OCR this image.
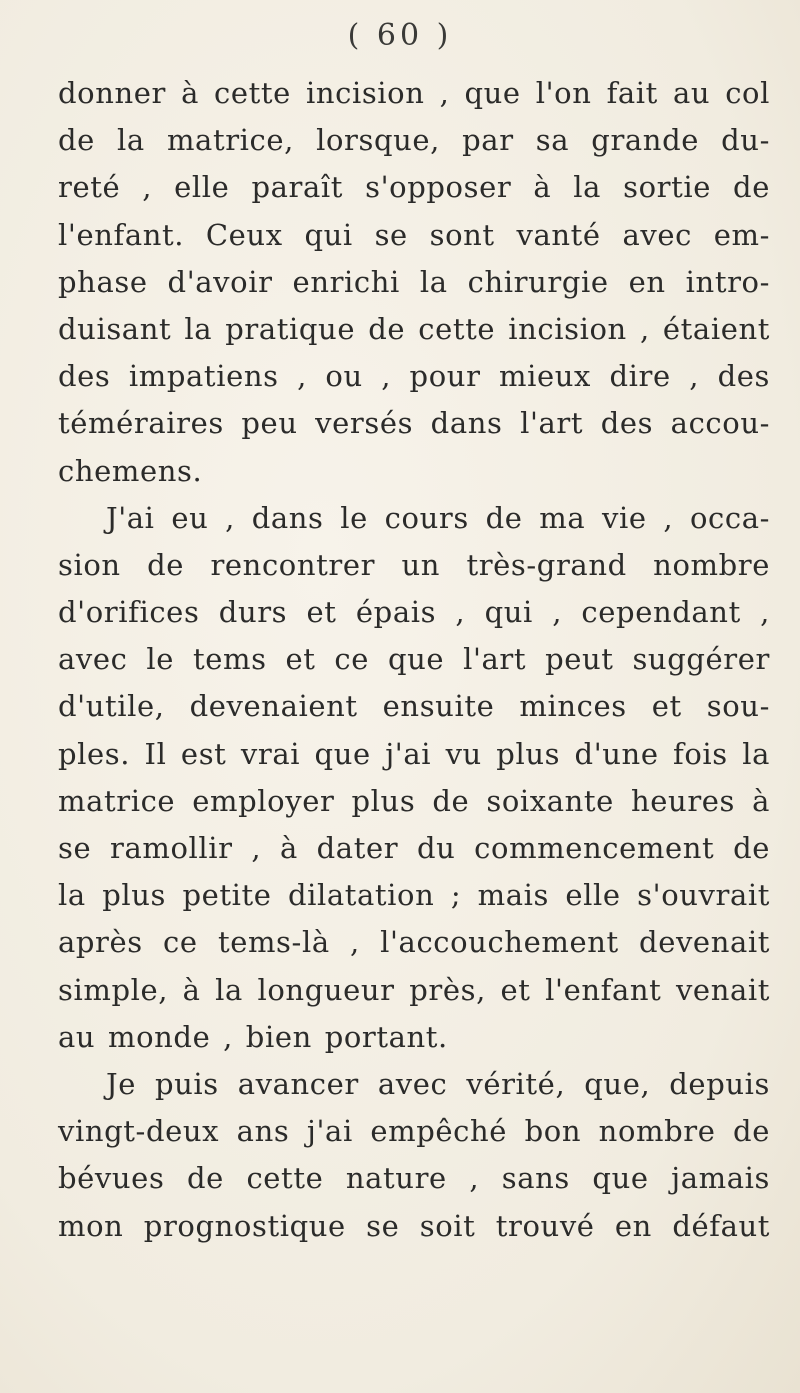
( 60 )
donner à cette incision , que l'on fait au col
de la matrice, lorsque, par sa grande du-
reté , elle paraît s'opposer à la sortie de
l'enfant. Ceux qui se sont vanté avec em-
phase d'avoir enrichi la chirurgie en intro-
duisant la pratique de cette incision , étaient
des impatiens , ou , pour mieux dire , des
téméraires peu versés dans l'art des accou-
chemens.
J'ai eu , dans le cours de ma vie , occa-
sion de rencontrer un très-grand nombre
d'orifices durs et épais , qui , cependant ,
avec le tems et ce que l'art peut suggérer
d'utile, devenaient ensuite minces et sou-
ples. Il est vrai que j'ai vu plus d'une fois la
matrice employer plus de soixante heures à
se ramollir , à dater du commencement de
la plus petite dilatation ; mais elle s'ouvrait
après ce tems-là , l'accouchement devenait
simple, à la longueur près, et l'enfant venait
au monde , bien portant.
Je puis avancer avec vérité, que, depuis
vingt-deux ans j'ai empêché bon nombre de
bévues de cette nature , sans que jamais
mon prognostique se soit trouvé en défaut
